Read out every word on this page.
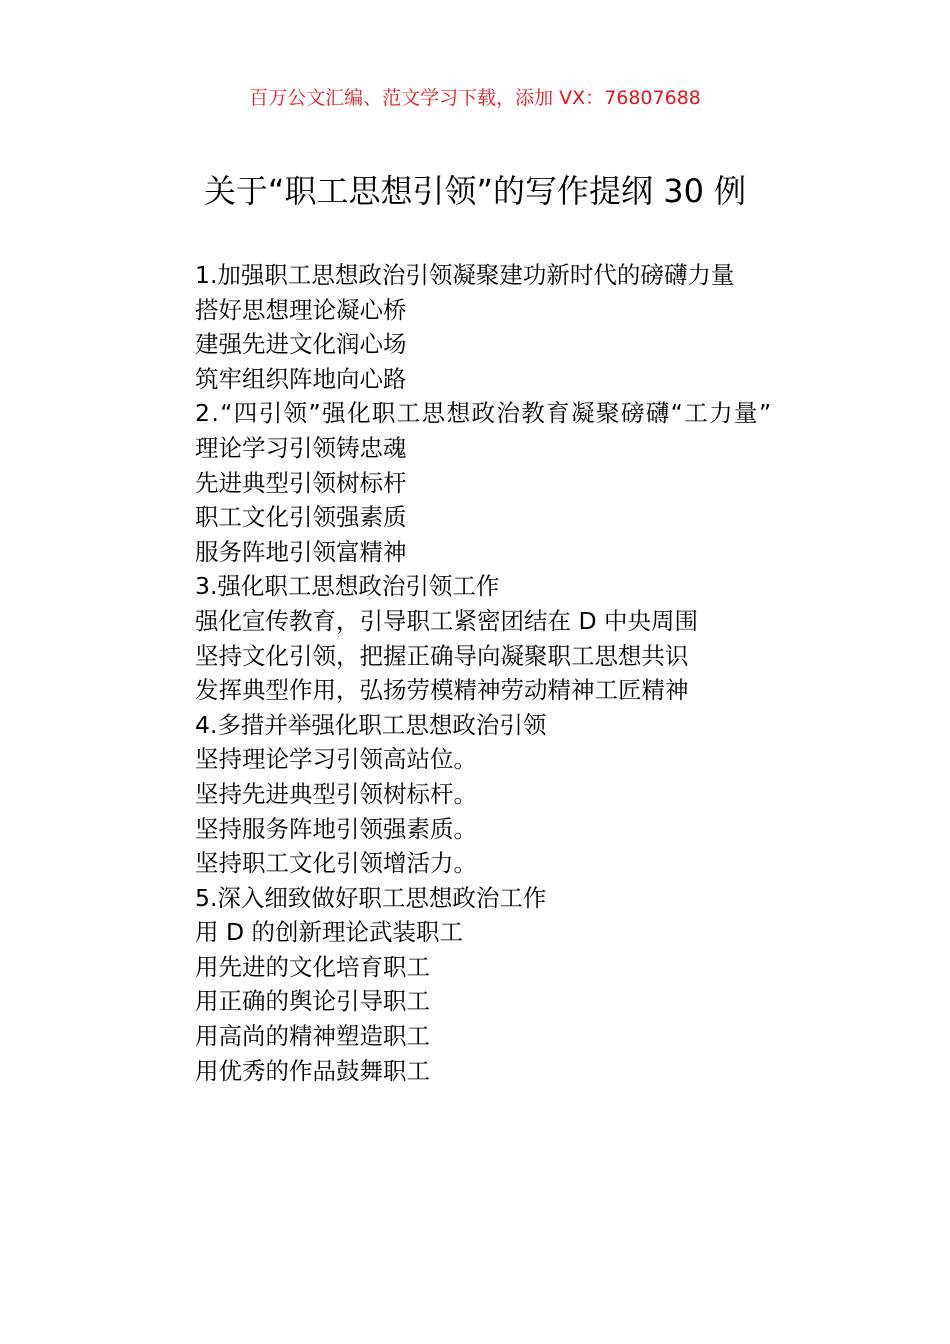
百万公文汇编、范文学习下载，添加 VX：76807688
关于“职工思想引领”的写作提纲 30 例
1.加强职工思想政治引领凝聚建功新时代的磅礴力量
搭好思想理论凝心桥
建强先进文化润心场
筑牢组织阵地向心路
2.“四引领”强化职工思想政治教育凝聚磅礴“工力量”
理论学习引领铸忠魂
先进典型引领树标杆
职工文化引领强素质
服务阵地引领富精神
3.强化职工思想政治引领工作
强化宣传教育，引导职工紧密团结在 D 中央周围
坚持文化引领，把握正确导向凝聚职工思想共识
发挥典型作用，弘扬劳模精神劳动精神工匠精神
4.多措并举强化职工思想政治引领
坚持理论学习引领高站位。
坚持先进典型引领树标杆。
坚持服务阵地引领强素质。
坚持职工文化引领增活力。
5.深入细致做好职工思想政治工作
用 D 的创新理论武装职工
用先进的文化培育职工
用正确的舆论引导职工
用高尚的精神塑造职工
用优秀的作品鼓舞职工
